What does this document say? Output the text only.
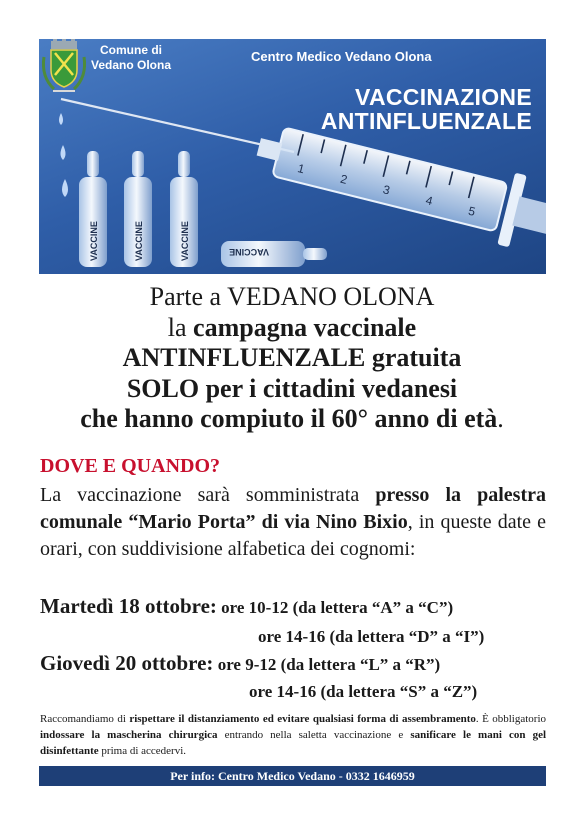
1
2
3
4
5
VACCINE	VACCINE	VACCINE	VACCINE
Comune di Vedano Olona
Centro Medico Vedano Olona
VACCINAZIONE
ANTINFLUENZALE
Parte a VEDANO OLONA
la campagna vaccinale
ANTINFLUENZALE gratuita
SOLO per i cittadini vedanesi
che hanno compiuto il 60° anno di età.
DOVE E QUANDO?
La vaccinazione sarà somministrata presso la palestra comunale “Mario Porta” di via Nino Bixio, in queste date e orari, con suddivisione alfabetica dei cognomi:
Martedì 18 ottobre: ore 10-12 (da lettera “A” a “C”)
ore 14-16 (da lettera “D” a “I”)
Giovedì 20 ottobre: ore 9-12 (da lettera “L” a “R”)
ore 14-16 (da lettera “S” a “Z”)
Raccomandiamo di rispettare il distanziamento ed evitare qualsiasi forma di assembramento. È obbligatorio indossare la mascherina chirurgica entrando nella saletta vaccinazione e sanificare le mani con gel disinfettante prima di accedervi.
Per info: Centro Medico Vedano - 0332 1646959
